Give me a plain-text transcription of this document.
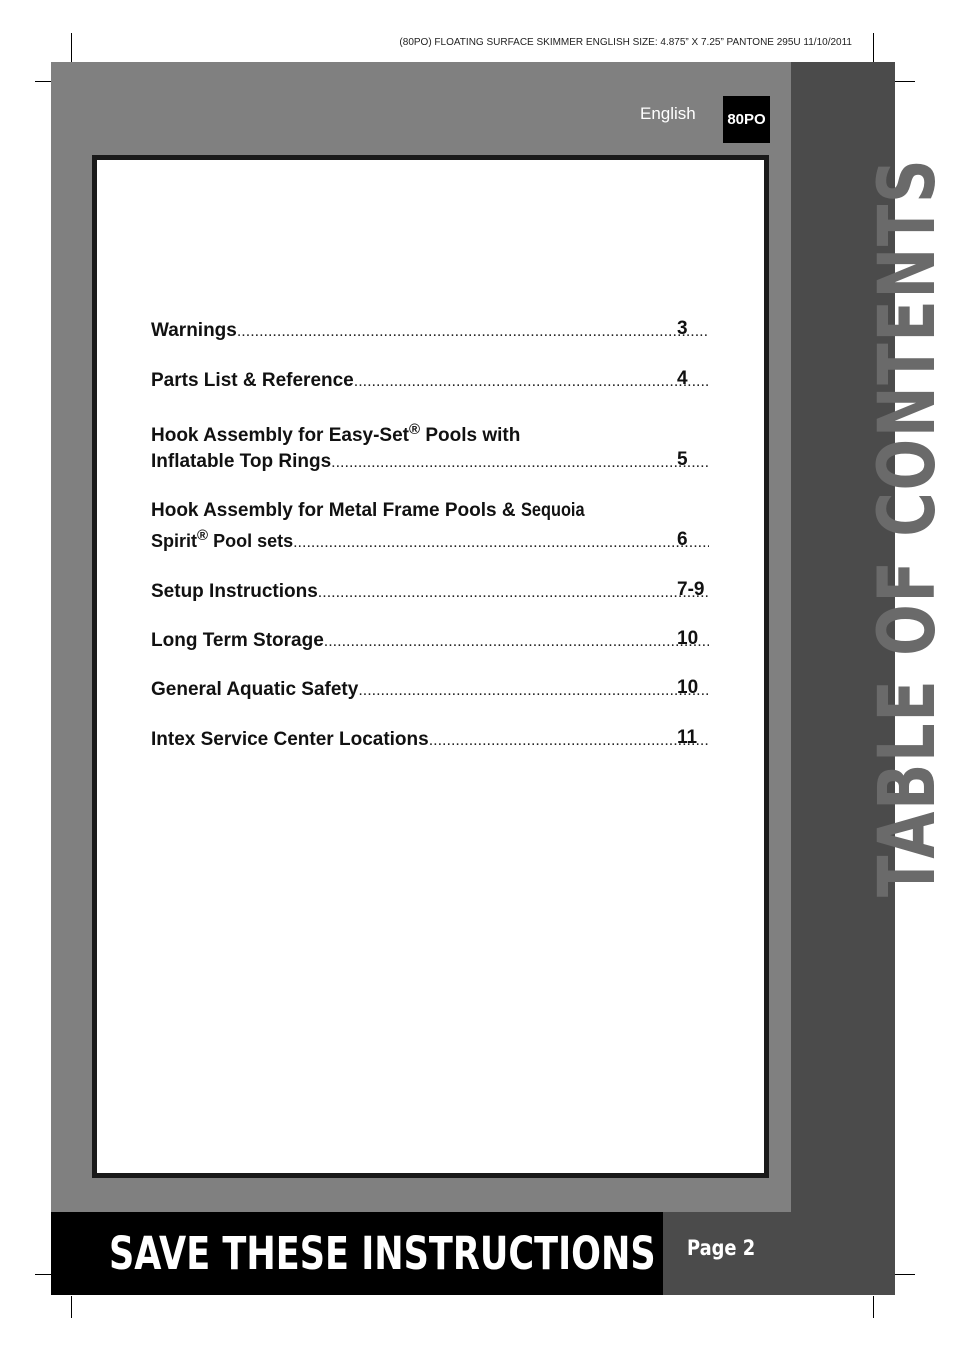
(80PO) FLOATING SURFACE SKIMMER ENGLISH SIZE: 4.875” X 7.25” PANTONE 295U 11/10/2011
TABLE OF CONTENTS
English 80PO
Warnings .....	3
Parts List & Reference .....	4
Hook Assembly for Easy-Set® Pools with
Inflatable Top Rings .....	5
Hook Assembly for Metal Frame Pools & Sequoia
Spirit® Pool sets .....	6
Setup Instructions .....	7-9
Long Term Storage .....	10
General Aquatic Safety .....	10
Intex Service Center Locations .....	11
SAVE THESE INSTRUCTIONS	Page 2
